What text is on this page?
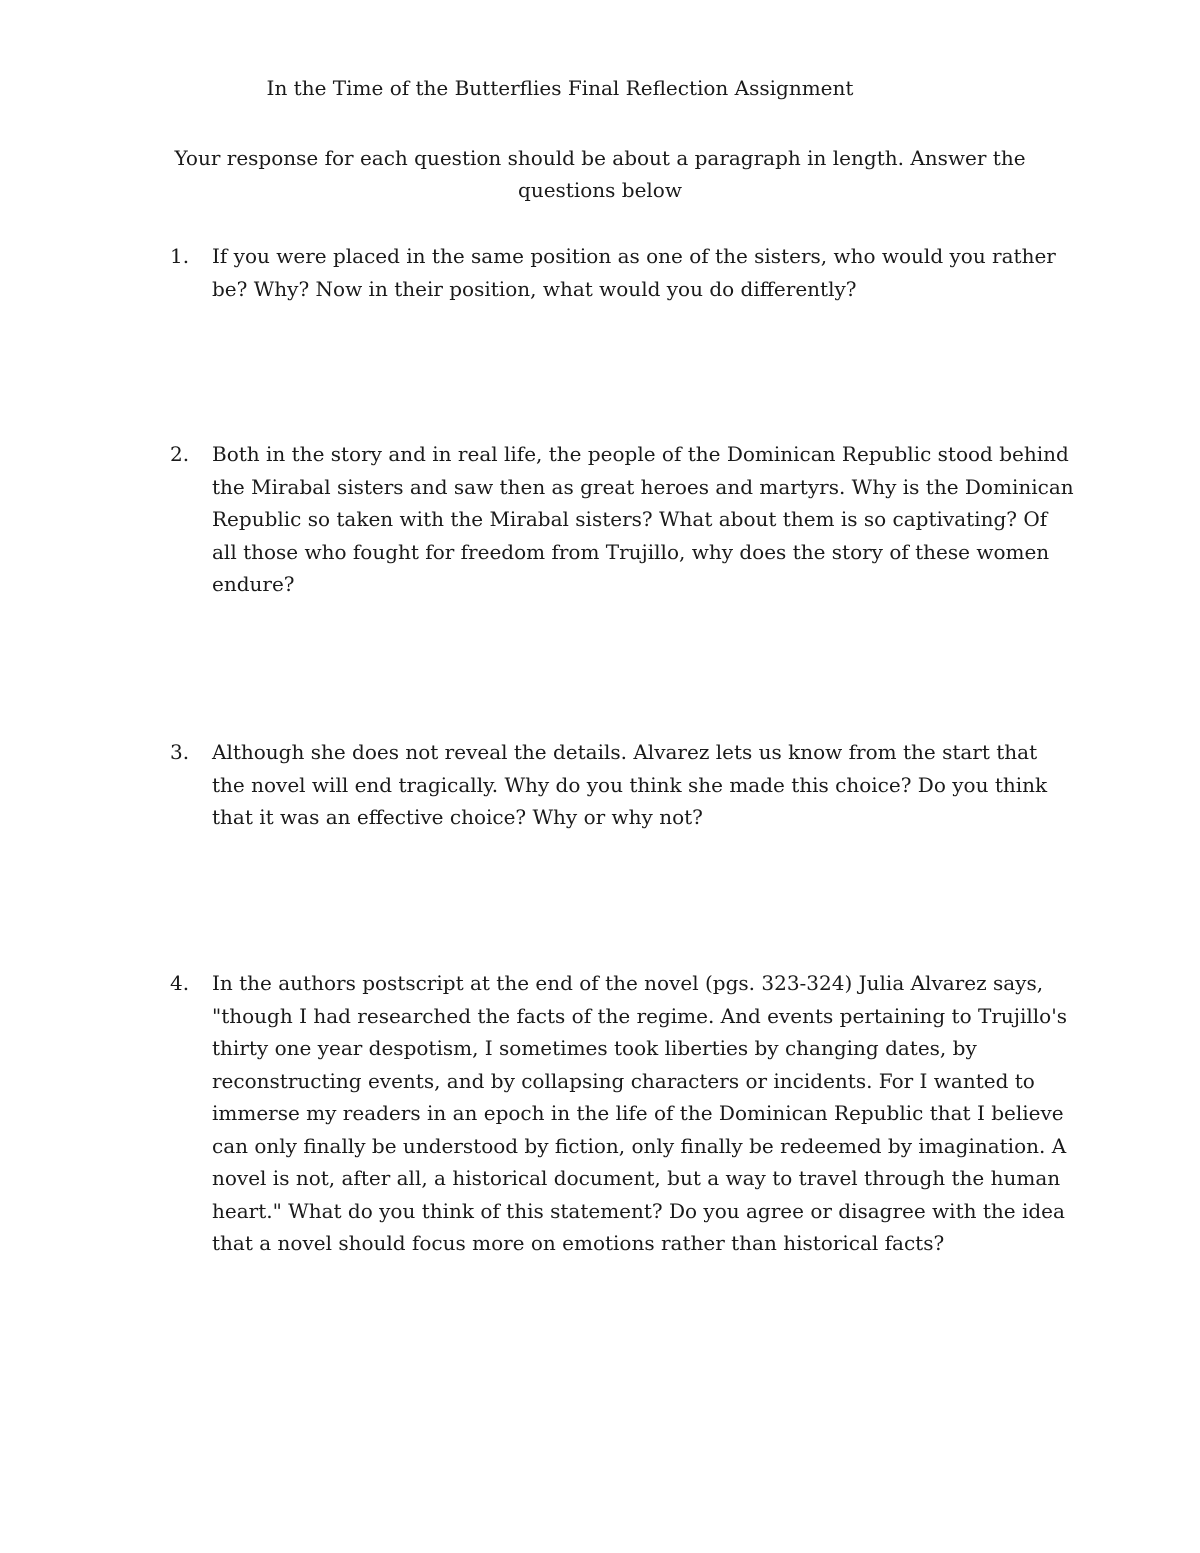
In the Time of the Butterflies Final Reflection Assignment

Your response for each question should be about a paragraph in length. Answer the questions below

1.	If you were placed in the same position as one of the sisters, who would you rather be? Why? Now in their position, what would you do differently?
2.	Both in the story and in real life, the people of the Dominican Republic stood behind the Mirabal sisters and saw then as great heroes and martyrs. Why is the Dominican Republic so taken with the Mirabal sisters? What about them is so captivating? Of all those who fought for freedom from Trujillo, why does the story of these women endure?
3.	Although she does not reveal the details. Alvarez lets us know from the start that the novel will end tragically. Why do you think she made this choice? Do you think that it was an effective choice? Why or why not?
4.	In the authors postscript at the end of the novel (pgs. 323-324) Julia Alvarez says, "though I had researched the facts of the regime. And events pertaining to Trujillo's thirty one year despotism, I sometimes took liberties by changing dates, by reconstructing events, and by collapsing characters or incidents. For I wanted to immerse my readers in an epoch in the life of the Dominican Republic that I believe can only finally be understood by fiction, only finally be redeemed by imagination. A novel is not, after all, a historical document, but a way to travel through the human heart." What do you think of this statement? Do you agree or disagree with the idea that a novel should focus more on emotions rather than historical facts?
